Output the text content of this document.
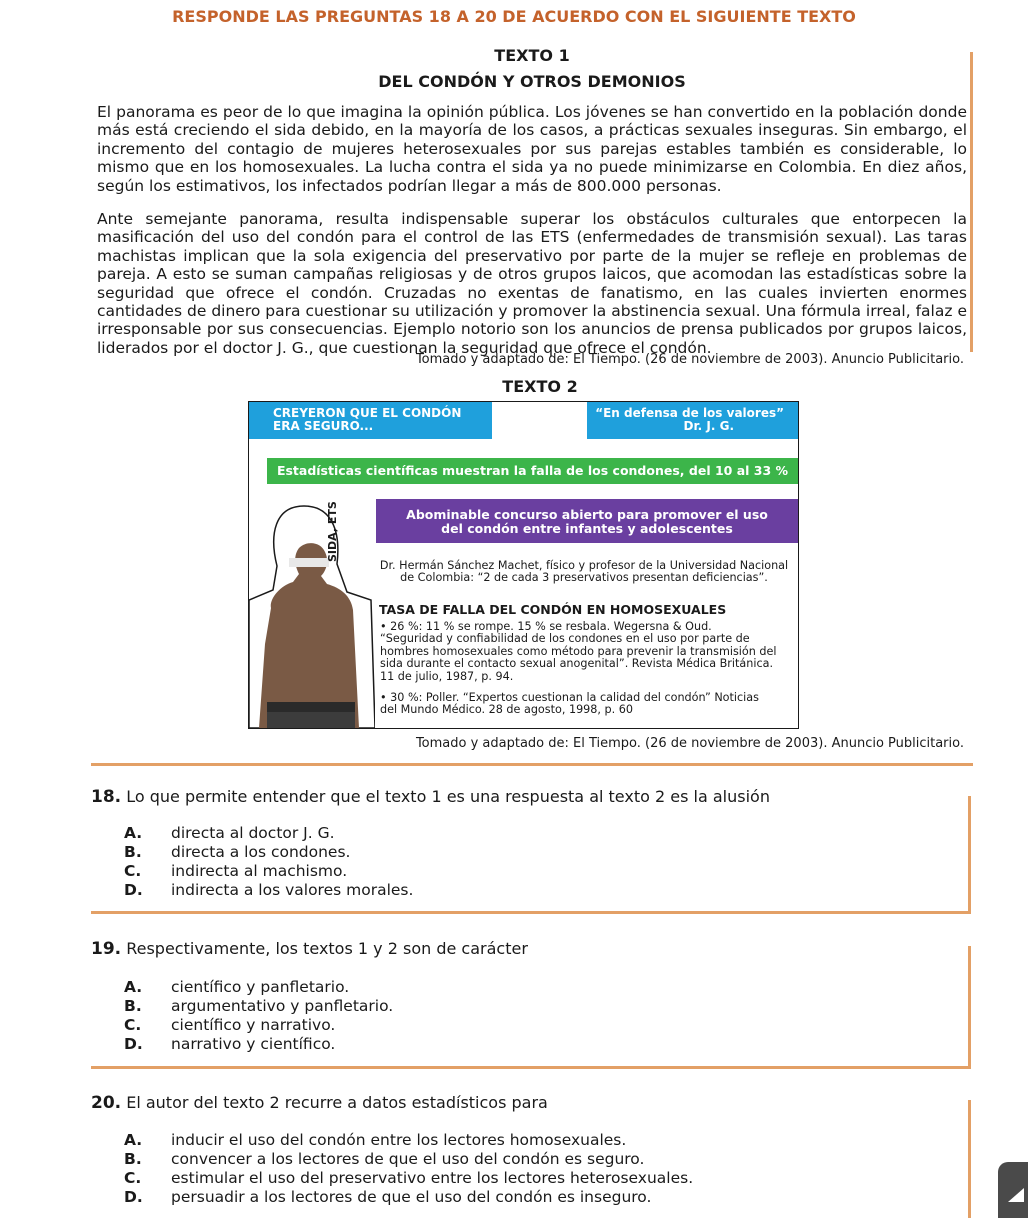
RESPONDE LAS PREGUNTAS 18 A 20 DE ACUERDO CON EL SIGUIENTE TEXTO
TEXTO 1
DEL CONDÓN Y OTROS DEMONIOS
El panorama es peor de lo que imagina la opinión pública. Los jóvenes se han convertido en la población donde más está creciendo el sida debido, en la mayoría de los casos, a prácticas sexuales inseguras. Sin embargo, el incremento del contagio de mujeres heterosexuales por sus parejas estables también es considerable, lo mismo que en los homosexuales. La lucha contra el sida ya no puede minimizarse en Colombia. En diez años, según los estimativos, los infectados podrían llegar a más de 800.000 personas.
Ante semejante panorama, resulta indispensable superar los obstáculos culturales que entorpecen la masificación del uso del condón para el control de las ETS (enfermedades de transmisión sexual). Las taras machistas implican que la sola exigencia del preservativo por parte de la mujer se refleje en problemas de pareja. A esto se suman campañas religiosas y de otros grupos laicos, que acomodan las estadísticas sobre la seguridad que ofrece el condón. Cruzadas no exentas de fanatismo, en las cuales invierten enormes cantidades de dinero para cuestionar su utilización y promover la abstinencia sexual. Una fórmula irreal, falaz e irresponsable por sus consecuencias. Ejemplo notorio son los anuncios de prensa publicados por grupos laicos, liderados por el doctor J. G., que cuestionan la seguridad que ofrece el condón.
Tomado y adaptado de: El Tiempo. (26 de noviembre de 2003). Anuncio Publicitario.
TEXTO 2
CREYERON QUE EL CONDÓN
ERA SEGURO...
“En defensa de los valores”
Dr. J. G.
Estadísticas científicas muestran la falla de los condones, del 10 al 33 %
Abominable concurso abierto para promover el uso
del condón entre infantes y adolescentes
SIDA, ETS
Dr. Hermán Sánchez Machet, físico y profesor de la Universidad Nacional
de Colombia: “2 de cada 3 preservativos presentan deficiencias”.
TASA DE FALLA DEL CONDÓN EN HOMOSEXUALES
• 26 %: 11 % se rompe. 15 % se resbala. Wegersna & Oud.
“Seguridad y confiabilidad de los condones en el uso por parte de
hombres homosexuales como método para prevenir la transmisión del
sida durante el contacto sexual anogenital”. Revista Médica Británica.
11 de julio, 1987, p. 94.
• 30 %: Poller. “Expertos cuestionan la calidad del condón” Noticias
del Mundo Médico. 28 de agosto, 1998, p. 60
Tomado y adaptado de: El Tiempo. (26 de noviembre de 2003). Anuncio Publicitario.
18. Lo que permite entender que el texto 1 es una respuesta al texto 2 es la alusión
A.	directa al doctor J. G.
B.	directa a los condones.
C.	indirecta al machismo.
D.	indirecta a los valores morales.
19. Respectivamente, los textos 1 y 2 son de carácter
A.	científico y panfletario.
B.	argumentativo y panfletario.
C.	científico y narrativo.
D.	narrativo y científico.
20. El autor del texto 2 recurre a datos estadísticos para
A.	inducir el uso del condón entre los lectores homosexuales.
B.	convencer a los lectores de que el uso del condón es seguro.
C.	estimular el uso del preservativo entre los lectores heterosexuales.
D.	persuadir a los lectores de que el uso del condón es inseguro.
